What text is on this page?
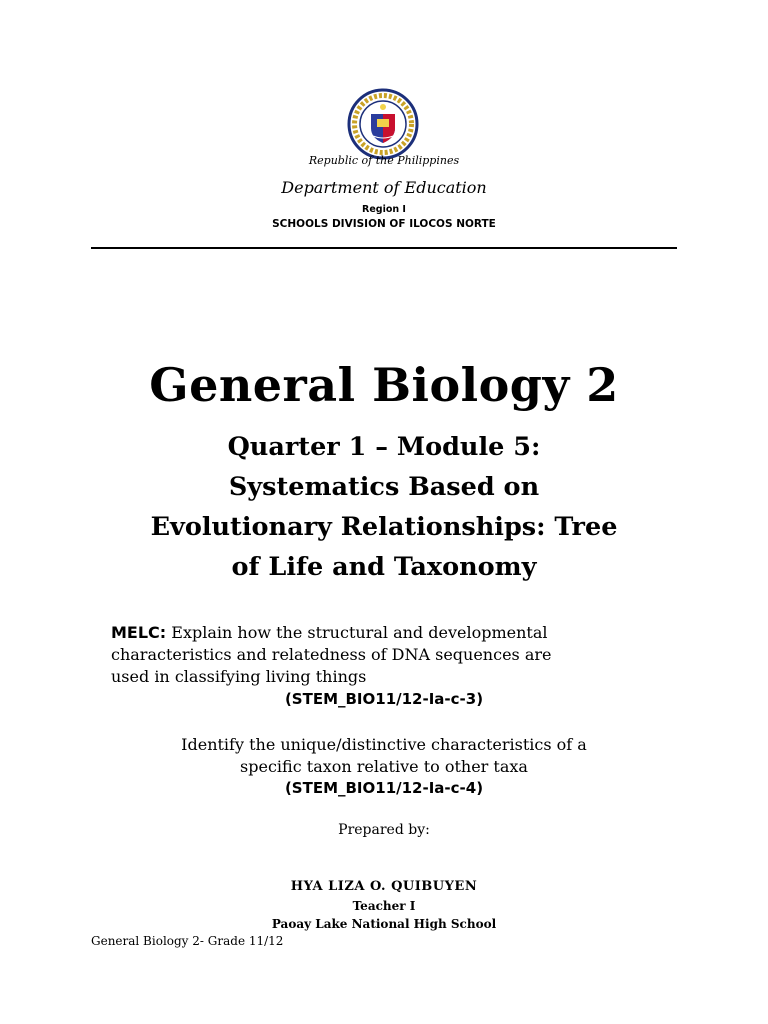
Republic of the Philippines
Department of Education
Region I
SCHOOLS DIVISION OF ILOCOS NORTE
General Biology 2
Quarter 1 – Module 5:
Systematics Based on
Evolutionary Relationships: Tree
of Life and Taxonomy
MELC: Explain how the structural and developmental
characteristics and relatedness of DNA sequences are
used in classifying living things
(STEM_BIO11/12-Ia-c-3)
Identify the unique/distinctive characteristics of a
specific taxon relative to other taxa
(STEM_BIO11/12-Ia-c-4)
Prepared by:
HYA LIZA O. QUIBUYEN
Teacher I
Paoay Lake National High School
General Biology 2- Grade 11/12
